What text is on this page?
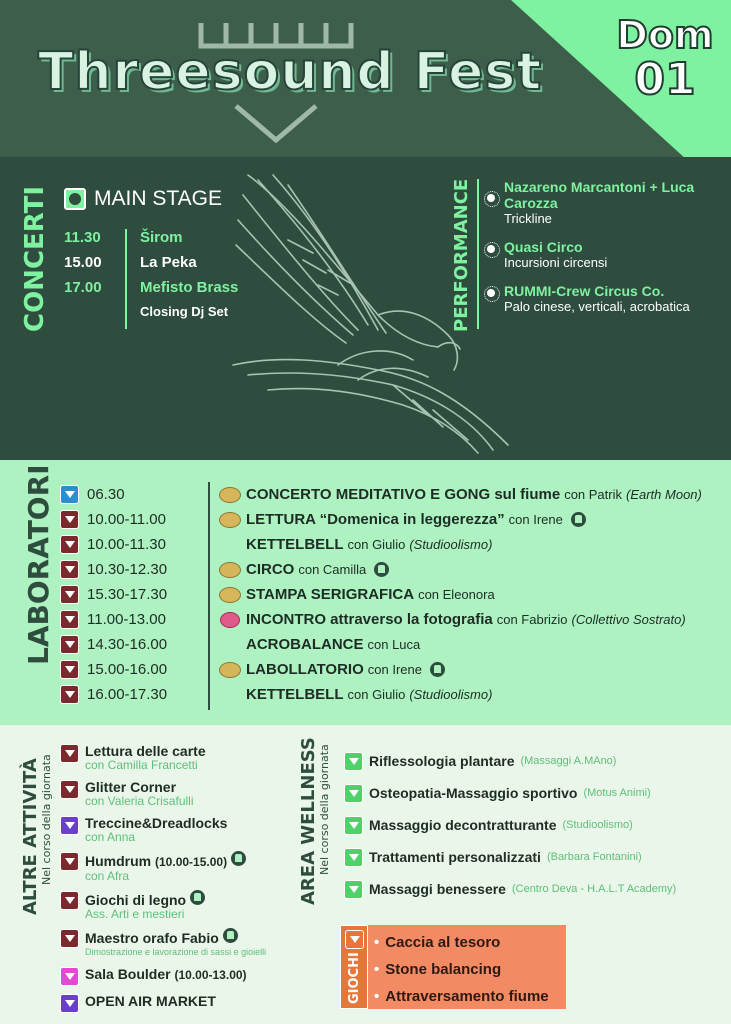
Threesound Fest
Dom
01
CONCERTI MAIN STAGE
11.30
15.00
17.00
Širom
La Peka
Mefisto Brass
Closing Dj Set	PERFORMANCE Nazareno Marcantoni + Luca Carozza
Trickline
Quasi Circo
Incursioni circensi
RUMMI-Crew Circus Co.
Palo cinese, verticali, acrobatica
LABORATORI 06.30
10.00-11.00
10.00-11.30
10.30-12.30
15.30-17.30
11.00-13.00
14.30-16.00
15.00-16.00
16.00-17.30
CONCERTO MEDITATIVO E GONG sul fiume con Patrik (Earth Moon)
LETTURA “Domenica in leggerezza” con Irene
KETTELBELL con Giulio (Studioolismo)
CIRCO con Camilla
STAMPA SERIGRAFICA con Eleonora
INCONTRO attraverso la fotografia con Fabrizio (Collettivo Sostrato)
ACROBALANCE con Luca
LABOLLATORIO con Irene
KETTELBELL con Giulio (Studioolismo)
ALTRE ATTIVITÀ Nel corso della giornata
Lettura delle carte
con Camilla Francetti
Glitter Corner
con Valeria Crisafulli
Treccine&Dreadlocks
con Anna
Humdrum (10.00-15.00)
con Afra
Giochi di legno
Ass. Arti e mestieri
Maestro orafo Fabio
Dimostrazione e lavorazione di sassi e gioielli
Sala Boulder (10.00-13.00)
OPEN AIR MARKET
AREA WELLNESS Nel corso della giornata	Riflessologia plantare (Massaggi A.MAno)
Osteopatia-Massaggio sportivo (Motus Animi)
Massaggio decontratturante (Studioolismo)
Trattamenti personalizzati (Barbara Fontanini)
Massaggi benessere (Centro Deva - H.A.L.T Academy)
GIOCHI
• Caccia al tesoro
• Stone balancing
• Attraversamento fiume
